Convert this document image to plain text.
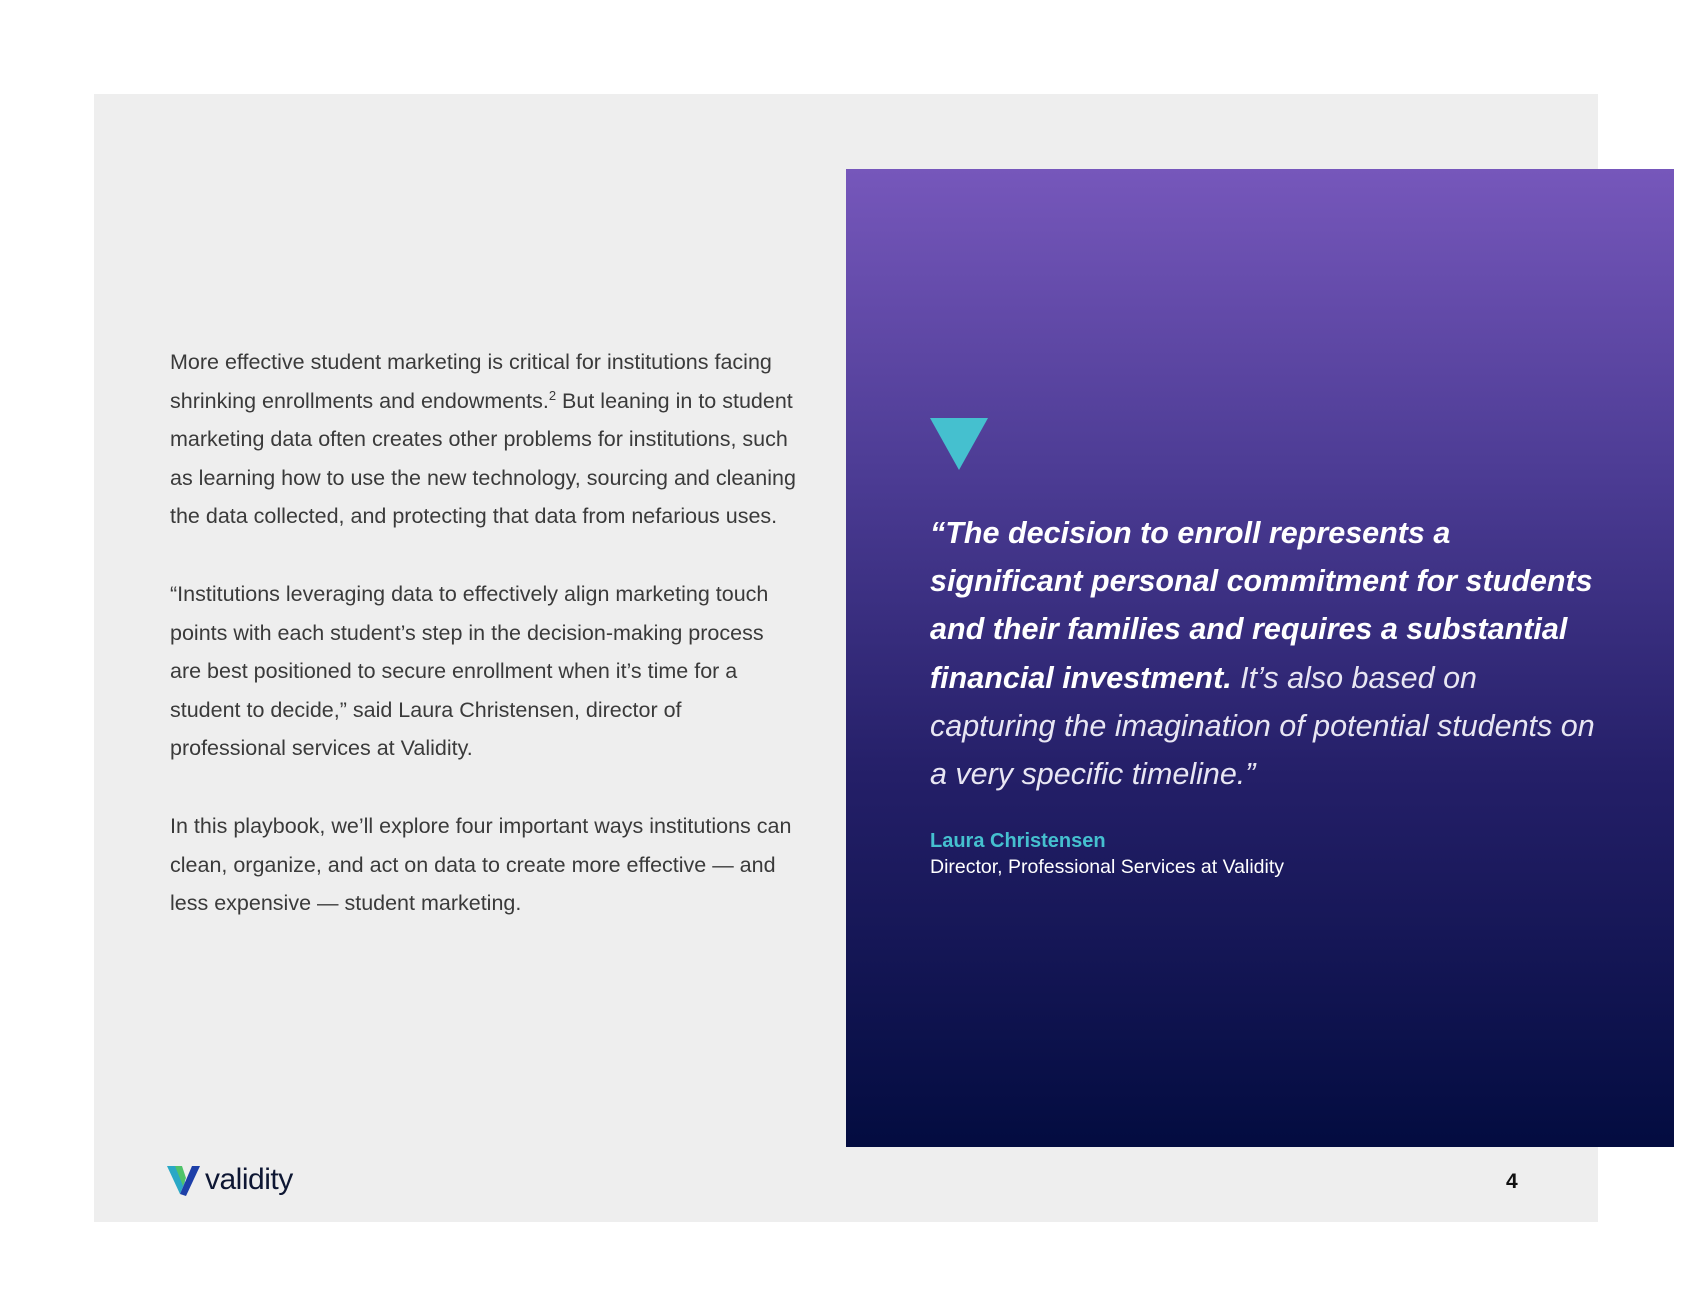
More effective student marketing is critical for institutions facing shrinking enrollments and endowments.$^2$ But leaning in to student marketing data often creates other problems for institutions, such as learning how to use the new technology, sourcing and cleaning the data collected, and protecting that data from nefarious uses.

“Institutions leveraging data to effectively align marketing touch points with each student’s step in the decision-making process are best positioned to secure enrollment when it’s time for a student to decide,” said Laura Christensen, director of professional services at Validity.

In this playbook, we’ll explore four important ways institutions can clean, organize, and act on data to create more effective — and less expensive — student marketing.

“The decision to enroll represents a significant personal commitment for students and their families and requires a substantial financial investment. It’s also based on capturing the imagination of potential students on a very specific timeline.”
Laura Christensen
Director, Professional Services at Validity
validity	4
